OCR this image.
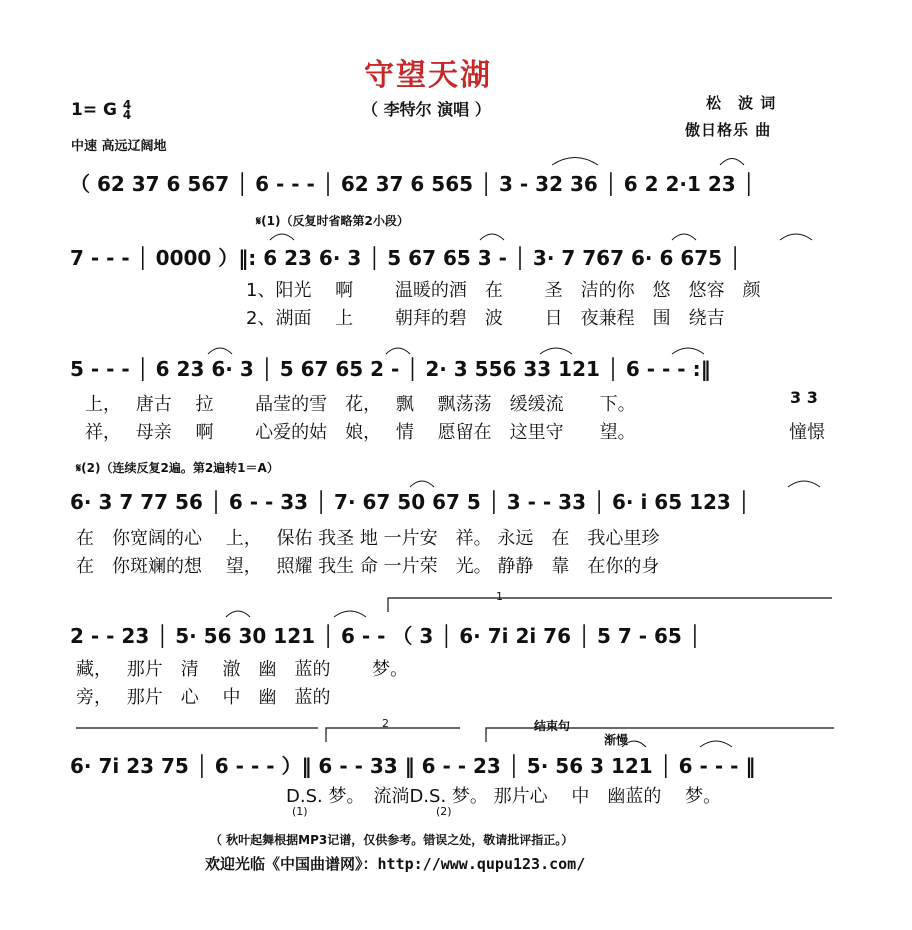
守望天湖
（ 李特尔 演唱 ）	松　波 词
傲日格乐 曲
1= G 4
4
中速 高远辽阔地
（ 62 37 6 567 │ 6 - - - │ 62 37 6 565 │ 3 - 32 36 │ 6 2 2·1 23 │
𝄋(1)（反复时省略第2小段）
7 - - - │ 0000 ）‖: 6 23 6· 3 │ 5 67 65 3 - │ 3· 7 767 6· 6 675 │
1、阳光　 啊　　 温暖的酒　在　　 圣　洁的你　悠　悠容　颜
2、湖面　 上　　 朝拜的碧　波　　 日　夜兼程　围　绕吉
5 - - - │ 6 23 6· 3 │ 5 67 65 2 - │ 2· 3 556 33 121 │ 6 - - - :‖
上，　 唐古　 拉　　 晶莹的雪　花，　 飘　 飘荡荡　缓缓流　　下。
祥，　 母亲　 啊　　 心爱的姑　娘，　 情　 愿留在　这里守　　望。
3 3
憧憬
𝄋(2)（连续反复2遍。第2遍转1＝A）
6· 3 7 77 56 │ 6 - - 33 │ 7· 67 50 67 5 │ 3 - - 33 │ 6· i 65 123 │
在　你宽阔的心　 上，　 保佑 我圣 地 一片安　祥。 永远　在　我心里珍
在　你斑斓的想　 望，　 照耀 我生 命 一片荣　光。 静静　靠　在你的身
1
2 - - 23 │ 5· 56 30 121 │ 6 - - （ 3 │ 6· 7i 2i 76 │ 5 7 - 65 │
藏，　 那片　清　 澈　幽　蓝的　　 梦。
旁，　 那片　心　 中　幽　蓝的
2	结束句
渐慢
6· 7i 23 75 │ 6 - - - ）‖ 6 - - 33 ‖ 6 - - 23 │ 5· 56 3 121 │ 6 - - - ‖
D.S. 梦。　流淌D.S. 梦。 那片心　 中　幽蓝的　 梦。
(1)	(2)
（ 秋叶起舞根据MP3记谱，仅供参考。错误之处，敬请批评指正。）
欢迎光临《中国曲谱网》：http://www.qupu123.com/
